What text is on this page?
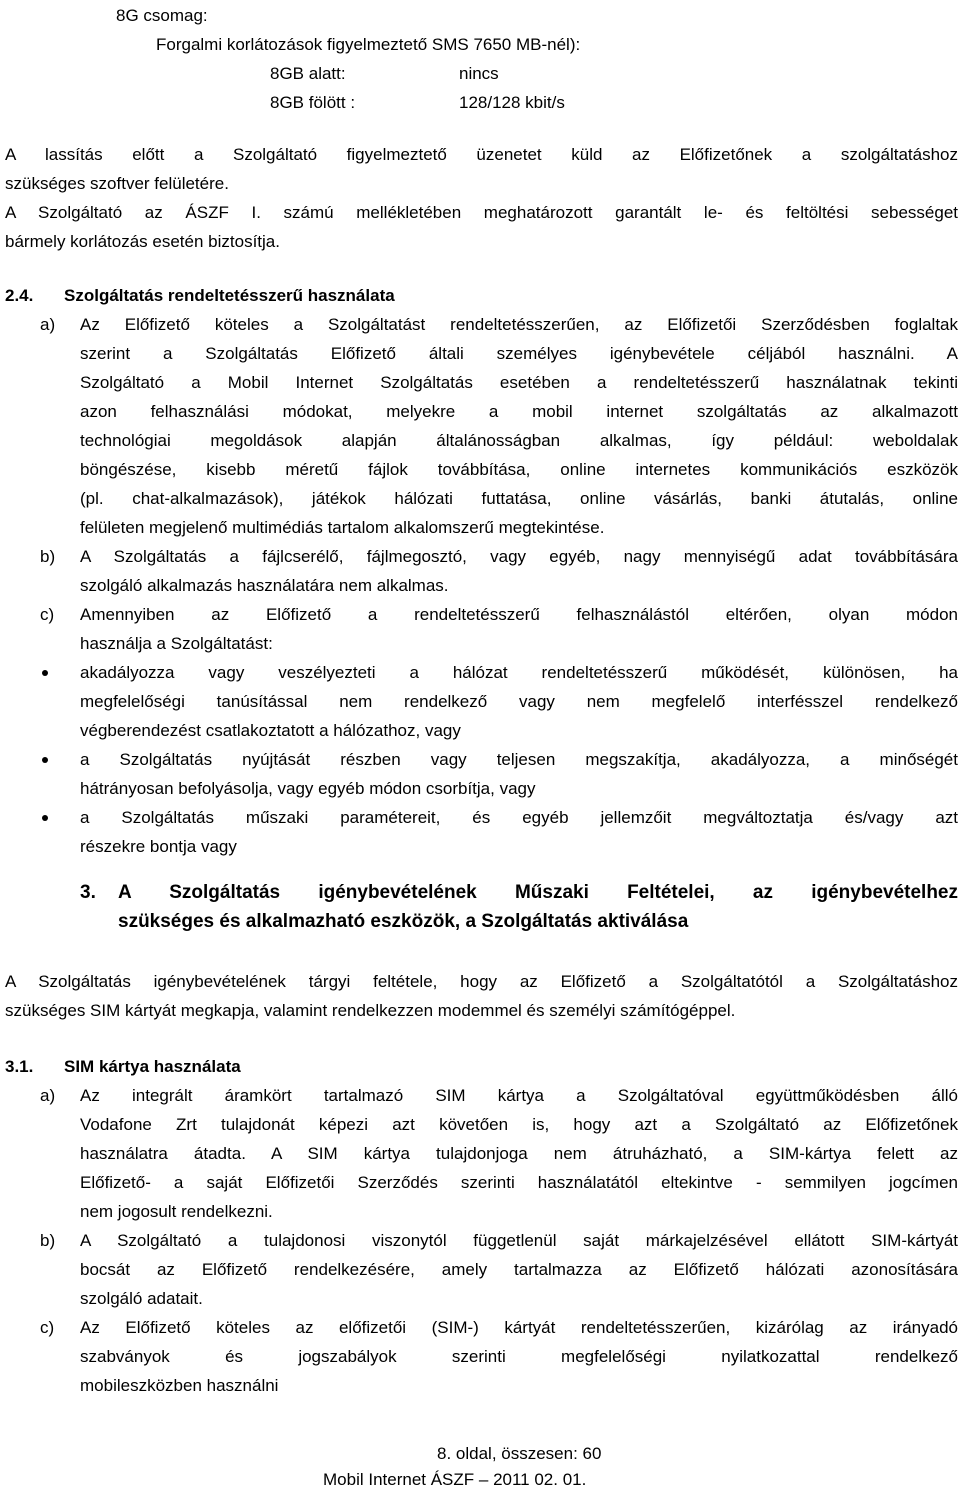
8G csomag:
Forgalmi korlátozások figyelmeztető SMS 7650 MB-nél):
8GB alatt:	nincs
8GB fölött :	128/128 kbit/s
A lassítás előtt a Szolgáltató figyelmeztető üzenetet küld az Előfizetőnek a szolgáltatáshoz
szükséges szoftver felületére.
A Szolgáltató az ÁSZF I. számú mellékletében meghatározott garantált le- és feltöltési sebességet
bármely korlátozás esetén biztosítja.
2.4. Szolgáltatás rendeltetésszerű használata
a) Az Előfizető köteles a Szolgáltatást rendeltetésszerűen, az Előfizetői Szerződésben foglaltak
szerint a Szolgáltatás Előfizető általi személyes igénybevétele céljából használni. A
Szolgáltató a Mobil Internet Szolgáltatás esetében a rendeltetésszerű használatnak tekinti
azon felhasználási módokat, melyekre a mobil internet szolgáltatás az alkalmazott
technológiai megoldások alapján általánosságban alkalmas, így például: weboldalak
böngészése, kisebb méretű fájlok továbbítása, online internetes kommunikációs eszközök
(pl. chat-alkalmazások), játékok hálózati futtatása, online vásárlás, banki átutalás, online
felületen megjelenő multimédiás tartalom alkalomszerű megtekintése.
b) A Szolgáltatás a fájlcserélő, fájlmegosztó, vagy egyéb, nagy mennyiségű adat továbbítására
szolgáló alkalmazás használatára nem alkalmas.
c) Amennyiben az Előfizető a rendeltetésszerű felhasználástól eltérően, olyan módon
használja a Szolgáltatást:
akadályozza vagy veszélyezteti a hálózat rendeltetésszerű működését, különösen, ha
megfelelőségi tanúsítással nem rendelkező vagy nem megfelelő interfésszel rendelkező
végberendezést csatlakoztatott a hálózathoz, vagy
a Szolgáltatás nyújtását részben vagy teljesen megszakítja, akadályozza, a minőségét
hátrányosan befolyásolja, vagy egyéb módon csorbítja, vagy
a Szolgáltatás műszaki paramétereit, és egyéb jellemzőit megváltoztatja és/vagy azt
részekre bontja vagy
3. A Szolgáltatás igénybevételének Műszaki Feltételei, az igénybevételhez
szükséges és alkalmazható eszközök, a Szolgáltatás aktiválása
A Szolgáltatás igénybevételének tárgyi feltétele, hogy az Előfizető a Szolgáltatótól a Szolgáltatáshoz
szükséges SIM kártyát megkapja, valamint rendelkezzen modemmel és személyi számítógéppel.
3.1. SIM kártya használata
a) Az integrált áramkört tartalmazó SIM kártya a Szolgáltatóval együttműködésben álló
Vodafone Zrt tulajdonát képezi azt követően is, hogy azt a Szolgáltató az Előfizetőnek
használatra átadta. A SIM kártya tulajdonjoga nem átruházható, a SIM-kártya felett az
Előfizető- a saját Előfizetői Szerződés szerinti használatától eltekintve - semmilyen jogcímen
nem jogosult rendelkezni.
b) A Szolgáltató a tulajdonosi viszonytól függetlenül saját márkajelzésével ellátott SIM-kártyát
bocsát az Előfizető rendelkezésére, amely tartalmazza az Előfizető hálózati azonosítására
szolgáló adatait.
c) Az Előfizető köteles az előfizetői (SIM-) kártyát rendeltetésszerűen, kizárólag az irányadó
szabványok és jogszabályok szerinti megfelelőségi nyilatkozattal rendelkező
mobileszközben használni
8. oldal, összesen: 60
Mobil Internet ÁSZF – 2011 02. 01.
